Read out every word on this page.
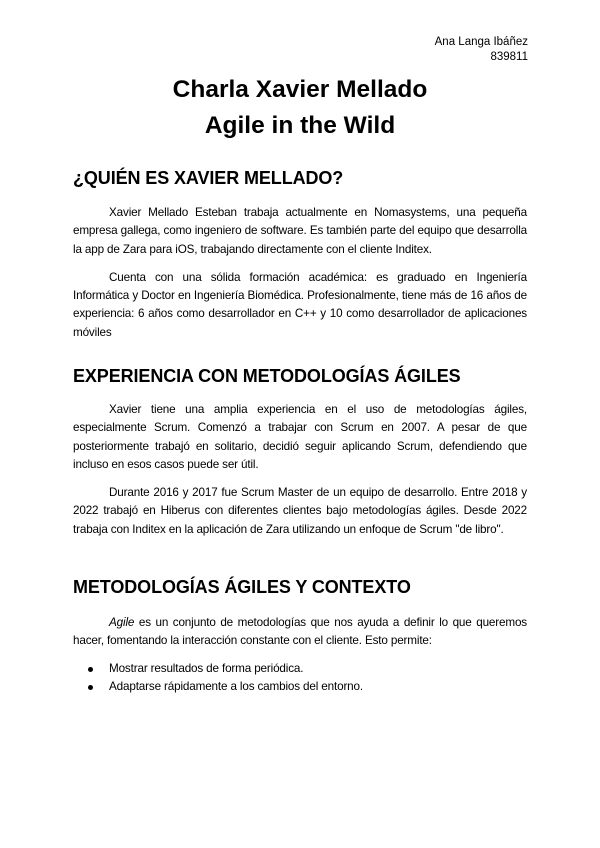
Ana Langa Ibáñez
839811
Charla Xavier Mellado
Agile in the Wild
¿QUIÉN ES XAVIER MELLADO?

Xavier Mellado Esteban trabaja actualmente en Nomasystems, una pequeña empresa gallega, como ingeniero de software. Es también parte del equipo que desarrolla la app de Zara para iOS, trabajando directamente con el cliente Inditex.

Cuenta con una sólida formación académica: es graduado en Ingeniería Informática y Doctor en Ingeniería Biomédica. Profesionalmente, tiene más de 16 años de experiencia: 6 años como desarrollador en C++ y 10 como desarrollador de aplicaciones móviles

EXPERIENCIA CON METODOLOGÍAS ÁGILES

Xavier tiene una amplia experiencia en el uso de metodologías ágiles, especialmente Scrum. Comenzó a trabajar con Scrum en 2007. A pesar de que posteriormente trabajó en solitario, decidió seguir aplicando Scrum, defendiendo que incluso en esos casos puede ser útil.

Durante 2016 y 2017 fue Scrum Master de un equipo de desarrollo. Entre 2018 y 2022 trabajó en Hiberus con diferentes clientes bajo metodologías ágiles. Desde 2022 trabaja con Inditex en la aplicación de Zara utilizando un enfoque de Scrum "de libro".

METODOLOGÍAS ÁGILES Y CONTEXTO

Agile es un conjunto de metodologías que nos ayuda a definir lo que queremos hacer, fomentando la interacción constante con el cliente. Esto permite:

Mostrar resultados de forma periódica.
Adaptarse rápidamente a los cambios del entorno.
